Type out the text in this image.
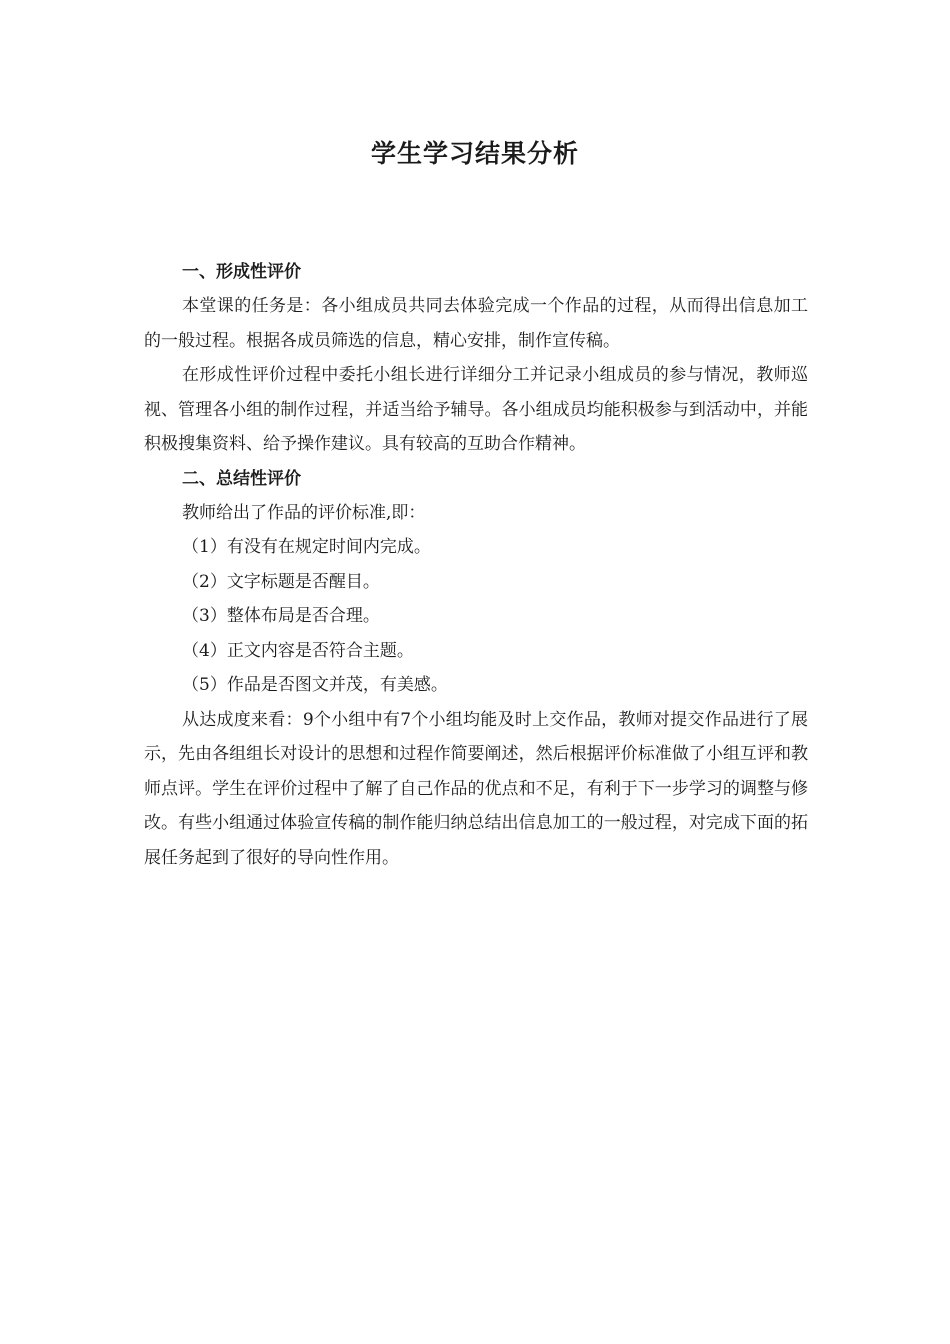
学生学习结果分析

一、形成性评价

本堂课的任务是：各小组成员共同去体验完成一个作品的过程，从而得出信息加工的一般过程。根据各成员筛选的信息，精心安排，制作宣传稿。

在形成性评价过程中委托小组长进行详细分工并记录小组成员的参与情况，教师巡视、管理各小组的制作过程，并适当给予辅导。各小组成员均能积极参与到活动中，并能积极搜集资料、给予操作建议。具有较高的互助合作精神。

二、总结性评价

教师给出了作品的评价标准,即：

（1）有没有在规定时间内完成。

（2）文字标题是否醒目。

（3）整体布局是否合理。

（4）正文内容是否符合主题。

（5）作品是否图文并茂，有美感。

从达成度来看：9个小组中有7个小组均能及时上交作品，教师对提交作品进行了展示，先由各组组长对设计的思想和过程作简要阐述，然后根据评价标准做了小组互评和教师点评。学生在评价过程中了解了自己作品的优点和不足，有利于下一步学习的调整与修改。有些小组通过体验宣传稿的制作能归纳总结出信息加工的一般过程，对完成下面的拓展任务起到了很好的导向性作用。
